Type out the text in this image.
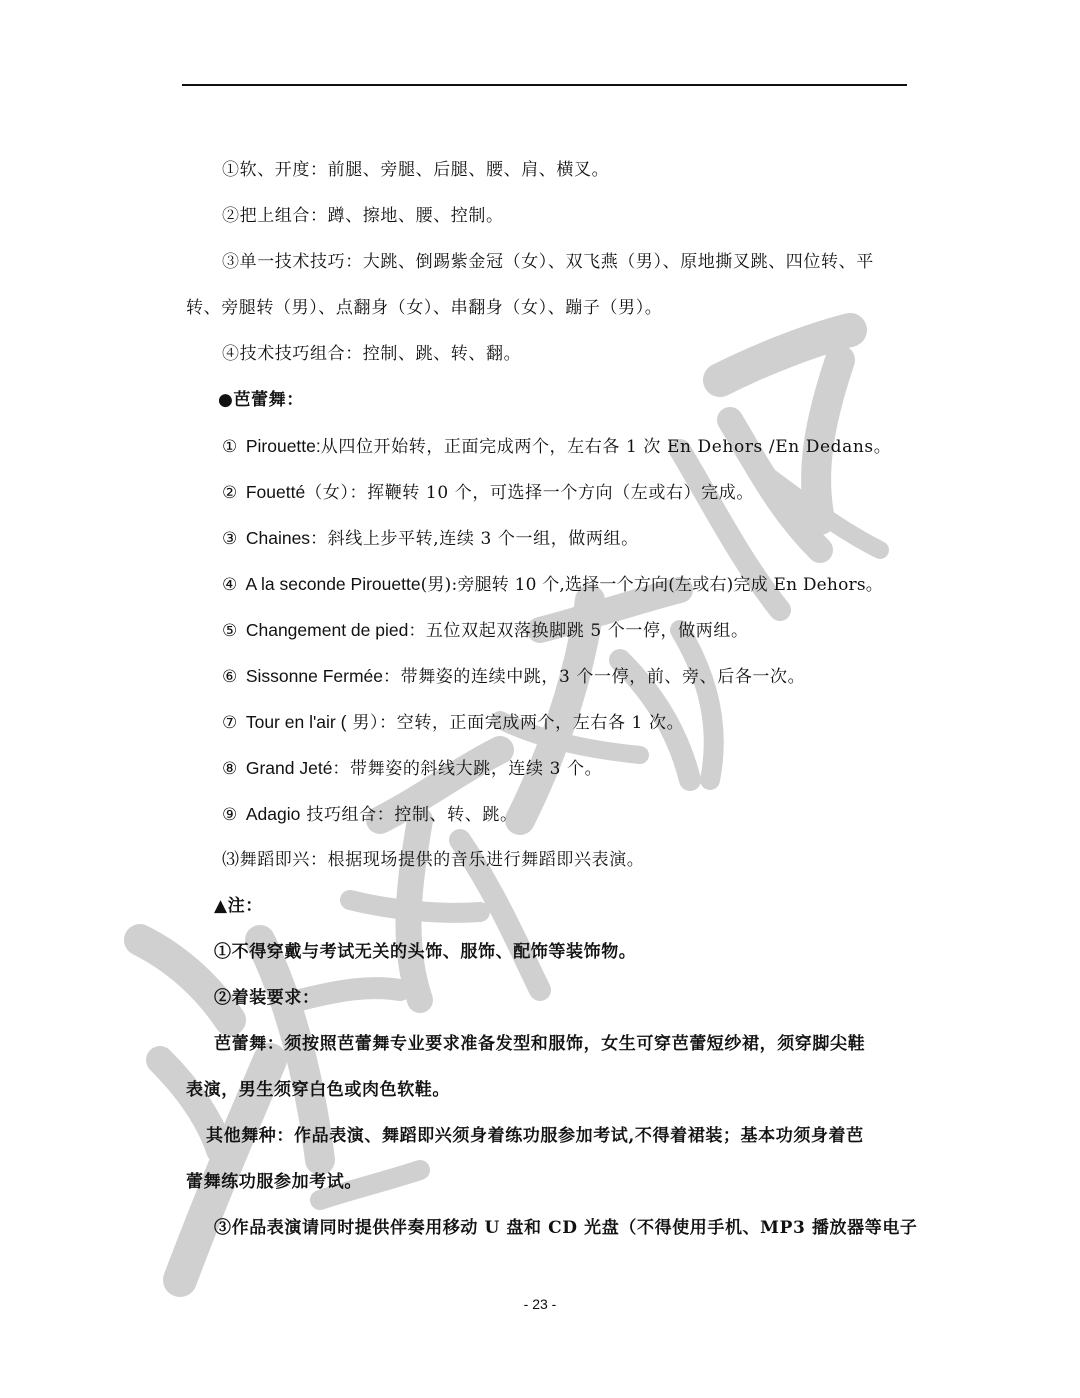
①软、开度：前腿、旁腿、后腿、腰、肩、横叉。
②把上组合：蹲、擦地、腰、控制。
③单一技术技巧：大跳、倒踢紫金冠（女）、双飞燕（男）、原地撕叉跳、四位转、平
转、旁腿转（男）、点翻身（女）、串翻身（女）、蹦子（男）。
④技术技巧组合：控制、跳、转、翻。
●芭蕾舞：
① Pirouette:从四位开始转，正面完成两个，左右各 1 次 En Dehors /En Dedans。
② Fouetté（女）：挥鞭转 10 个，可选择一个方向（左或右）完成。
③ Chaines：斜线上步平转,连续 3 个一组，做两组。
④ A la seconde Pirouette(男):旁腿转 10 个,选择一个方向(左或右)完成 En Dehors。
⑤ Changement de pied：五位双起双落换脚跳 5 个一停，做两组。
⑥ Sissonne Fermée：带舞姿的连续中跳，3 个一停，前、旁、后各一次。
⑦ Tour en l'air ( 男）：空转，正面完成两个，左右各 1 次。
⑧ Grand Jeté：带舞姿的斜线大跳，连续 3 个。
⑨ Adagio 技巧组合：控制、转、跳。
⑶舞蹈即兴：根据现场提供的音乐进行舞蹈即兴表演。
▲注：
①不得穿戴与考试无关的头饰、服饰、配饰等装饰物。
②着装要求：
芭蕾舞：须按照芭蕾舞专业要求准备发型和服饰，女生可穿芭蕾短纱裙，须穿脚尖鞋
表演，男生须穿白色或肉色软鞋。
其他舞种：作品表演、舞蹈即兴须身着练功服参加考试,不得着裙装；基本功须身着芭
蕾舞练功服参加考试。
③作品表演请同时提供伴奏用移动 U 盘和 CD 光盘（不得使用手机、MP3 播放器等电子
- 23 -
